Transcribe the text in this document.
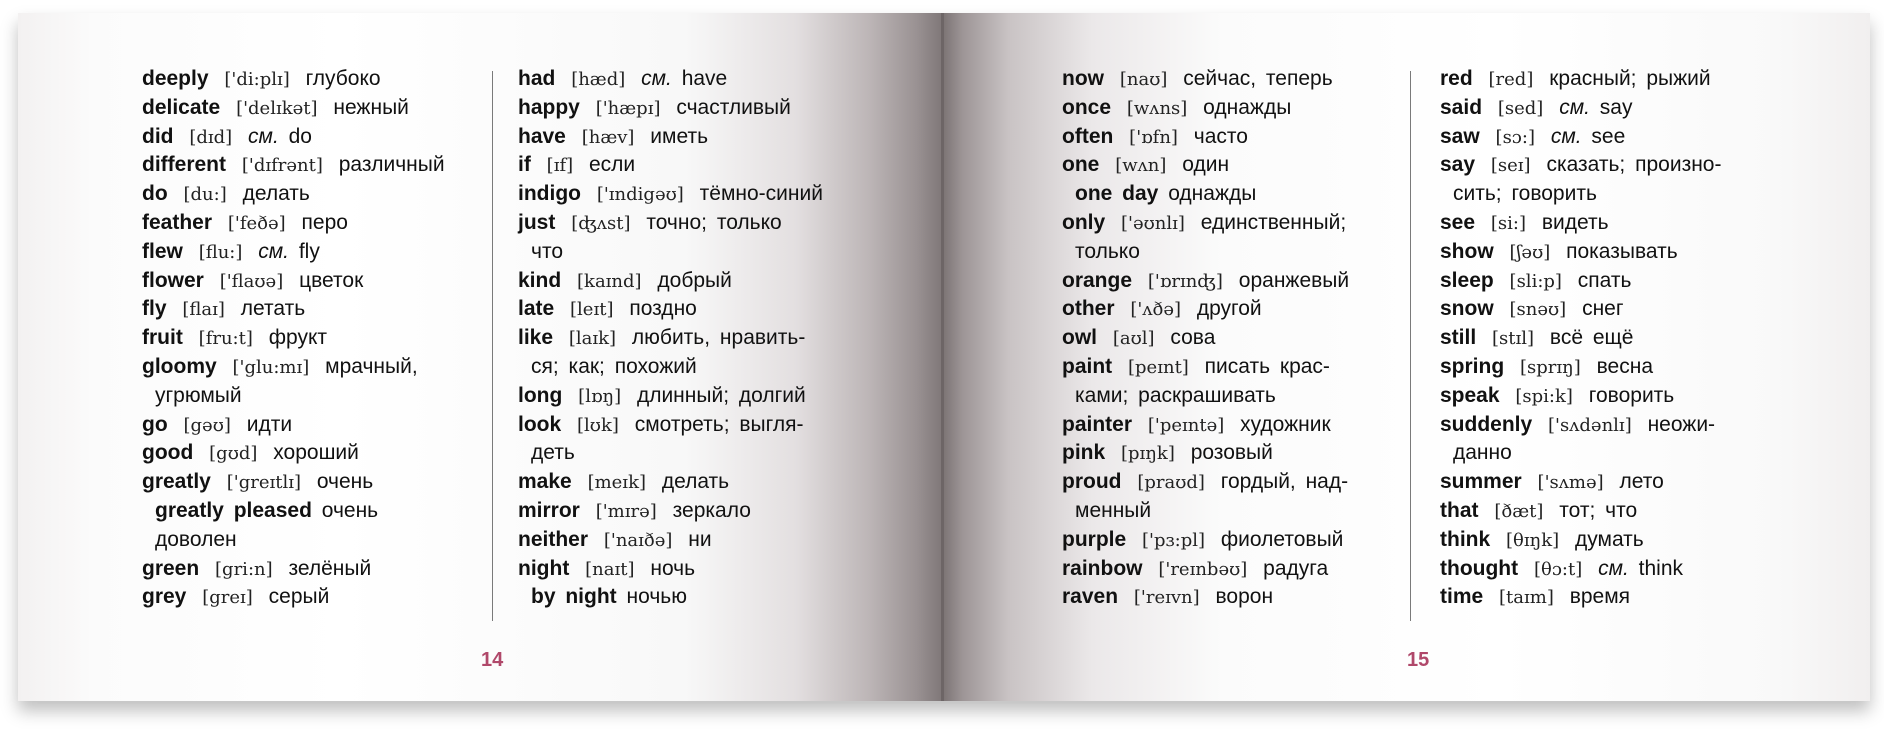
deeply ['di:plɪ] глубоко
delicate ['delɪkət] нежный
did [dɪd] см. do
different ['dɪfrənt] различный
do [du:] делать
feather ['feðə] перо
flew [flu:] см. fly
flower ['flaʊə] цветок
fly [flaɪ] летать
fruit [fru:t] фрукт
gloomy ['glu:mɪ] мрачный,
угрюмый
go [gəʊ] идти
good [gʊd] хороший
greatly ['greɪtlɪ] очень
greatly pleased очень
доволен
green [gri:n] зелёный
grey [greɪ] серый
had [hæd] см. have
happy ['hæpɪ] счастливый
have [hæv] иметь
if [ɪf] если
indigo ['ɪndigəʊ] тёмно-синий
just [ʤʌst] точно; только
что
kind [kaɪnd] добрый
late [leɪt] поздно
like [laɪk] любить, нравить-
ся; как; похожий
long [lɒŋ] длинный; долгий
look [lʊk] смотреть; выгля-
деть
make [meɪk] делать
mirror ['mɪrə] зеркало
neither ['naɪðə] ни
night [naɪt] ночь
by night ночью
14
now [naʊ] сейчас, теперь
once [wʌns] однажды
often ['ɒfn] часто
one [wʌn] один
one day однажды
only ['əʊnlɪ] единственный;
только
orange ['ɒrɪnʤ] оранжевый
other ['ʌðə] другой
owl [aʊl] сова
paint [peɪnt] писать крас-
ками; раскрашивать
painter ['peɪntə] художник
pink [pɪŋk] розовый
proud [praʊd] гордый, над-
менный
purple ['pɜ:pl] фиолетовый
rainbow ['reɪnbəʊ] радуга
raven ['reɪvn] ворон
red [red] красный; рыжий
said [sed] см. say
saw [sɔ:] см. see
say [seɪ] сказать; произно-
сить; говорить
see [si:] видеть
show [ʃəʊ] показывать
sleep [sli:p] спать
snow [snəʊ] снег
still [stɪl] всё ещё
spring [sprɪŋ] весна
speak [spi:k] говорить
suddenly ['sʌdənlɪ] неожи-
данно
summer ['sʌmə] лето
that [ðæt] тот; что
think [θɪŋk] думать
thought [θɔ:t] см. think
time [taɪm] время
15
